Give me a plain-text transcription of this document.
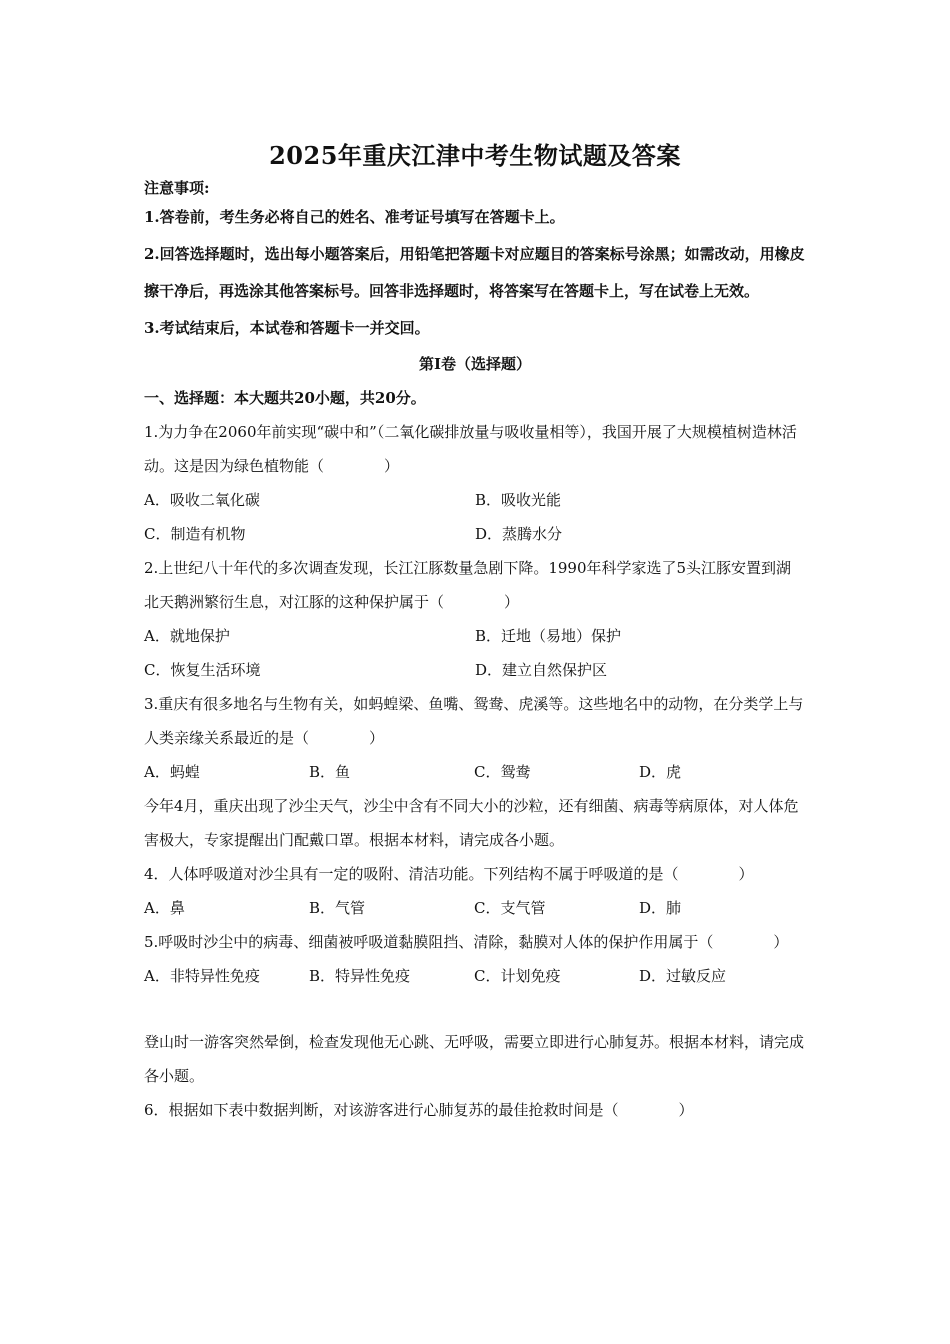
2025年重庆江津中考生物试题及答案
注意事项:
1.答卷前，考生务必将自己的姓名、准考证号填写在答题卡上。
2.回答选择题时，选出每小题答案后，用铅笔把答题卡对应题目的答案标号涂黑；如需改动，用橡皮擦干净后，再选涂其他答案标号。回答非选择题时，将答案写在答题卡上，写在试卷上无效。
3.考试结束后，本试卷和答题卡一并交回。
第Ⅰ卷（选择题）
一、选择题：本大题共20小题，共20分。
1.为力争在2060年前实现“碳中和”（二氧化碳排放量与吸收量相等），我国开展了大规模植树造林活动。这是因为绿色植物能（　　　　）
A．吸收二氧化碳	B．吸收光能
C．制造有机物	D．蒸腾水分
2.上世纪八十年代的多次调查发现，长江江豚数量急剧下降。1990年科学家选了5头江豚安置到湖北天鹅洲繁衍生息，对江豚的这种保护属于（　　　　）
A．就地保护	B．迁地（易地）保护
C．恢复生活环境	D．建立自然保护区
3.重庆有很多地名与生物有关，如蚂蝗梁、鱼嘴、鸳鸯、虎溪等。这些地名中的动物，在分类学上与人类亲缘关系最近的是（　　　　）
A．蚂蝗	B．鱼	C．鸳鸯	D．虎
今年4月，重庆出现了沙尘天气，沙尘中含有不同大小的沙粒，还有细菌、病毒等病原体，对人体危害极大，专家提醒出门配戴口罩。根据本材料，请完成各小题。
4．人体呼吸道对沙尘具有一定的吸附、清洁功能。下列结构不属于呼吸道的是（　　　　）
A．鼻	B．气管	C．支气管	D．肺
5.呼吸时沙尘中的病毒、细菌被呼吸道黏膜阻挡、清除，黏膜对人体的保护作用属于（　　　　）
A．非特异性免疫	B．特异性免疫	C．计划免疫	D．过敏反应
登山时一游客突然晕倒，检查发现他无心跳、无呼吸，需要立即进行心肺复苏。根据本材料，请完成各小题。
6．根据如下表中数据判断，对该游客进行心肺复苏的最佳抢救时间是（　　　　）
